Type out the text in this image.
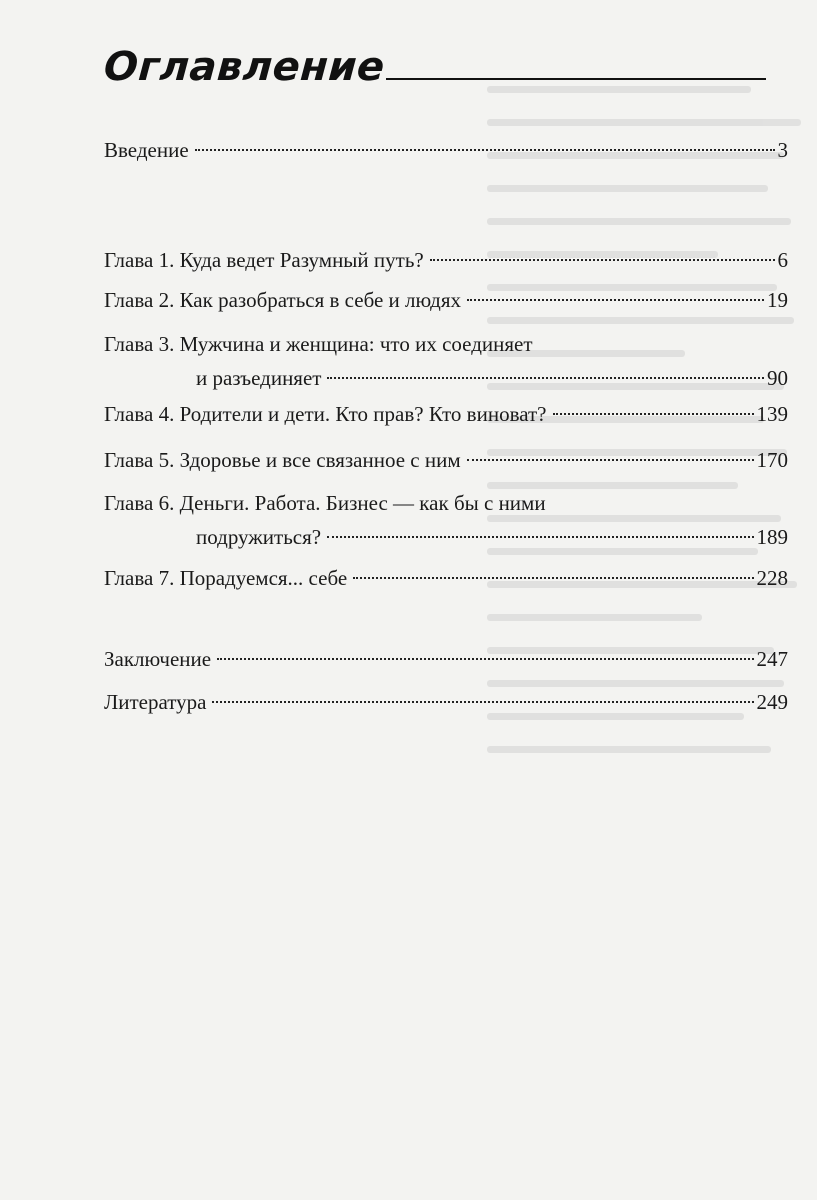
Оглавление
Введение	3
Глава 1. Куда ведет Разумный путь?	6
Глава 2. Как разобраться в себе и людях	19
Глава 3. Мужчина и женщина: что их соединяет
и разъединяет	90
Глава 4. Родители и дети. Кто прав? Кто виноват?	139
Глава 5. Здоровье и все связанное с ним	170
Глава 6. Деньги. Работа. Бизнес — как бы с ними
подружиться?	189
Глава 7. Порадуемся... себе	228
Заключение	247
Литература	249
